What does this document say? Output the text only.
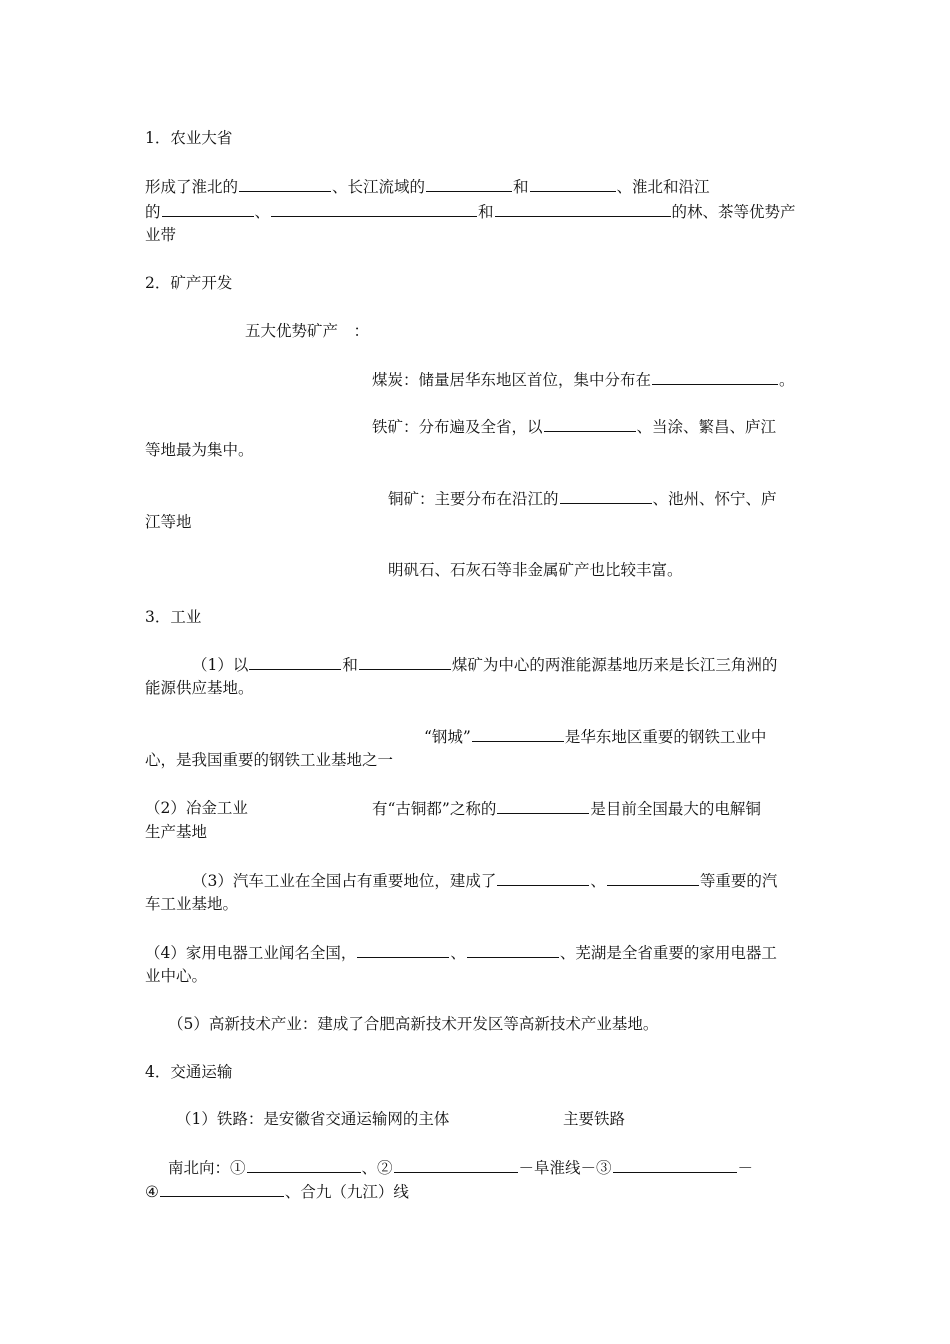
1．农业大省
形成了淮北的	、长江流域的	和	、淮北和沿江
的	、	和	的林、茶等优势产
业带
2．矿产开发
五大优势矿产　：
煤炭：储量居华东地区首位，集中分布在	。
铁矿：分布遍及全省，以	、当涂、繁昌、庐江
等地最为集中。
铜矿：主要分布在沿江的	、池州、怀宁、庐
江等地
明矾石、石灰石等非金属矿产也比较丰富。
3．工业
（1）以	和	煤矿为中心的两淮能源基地历来是长江三角洲的
能源供应基地。
“钢城”	是华东地区重要的钢铁工业中
心，是我国重要的钢铁工业基地之一
（2）冶金工业	有“古铜都”之称的	是目前全国最大的电解铜
生产基地
（3）汽车工业在全国占有重要地位，建成了	、	等重要的汽
车工业基地。
（4）家用电器工业闻名全国，	、	、芜湖是全省重要的家用电器工
业中心。
（5）高新技术产业：建成了合肥高新技术开发区等高新技术产业基地。
4．交通运输
（1）铁路：是安徽省交通运输网的主体	主要铁路
南北向：①	、②	－阜淮线－③	－
④	、合九（九江）线
